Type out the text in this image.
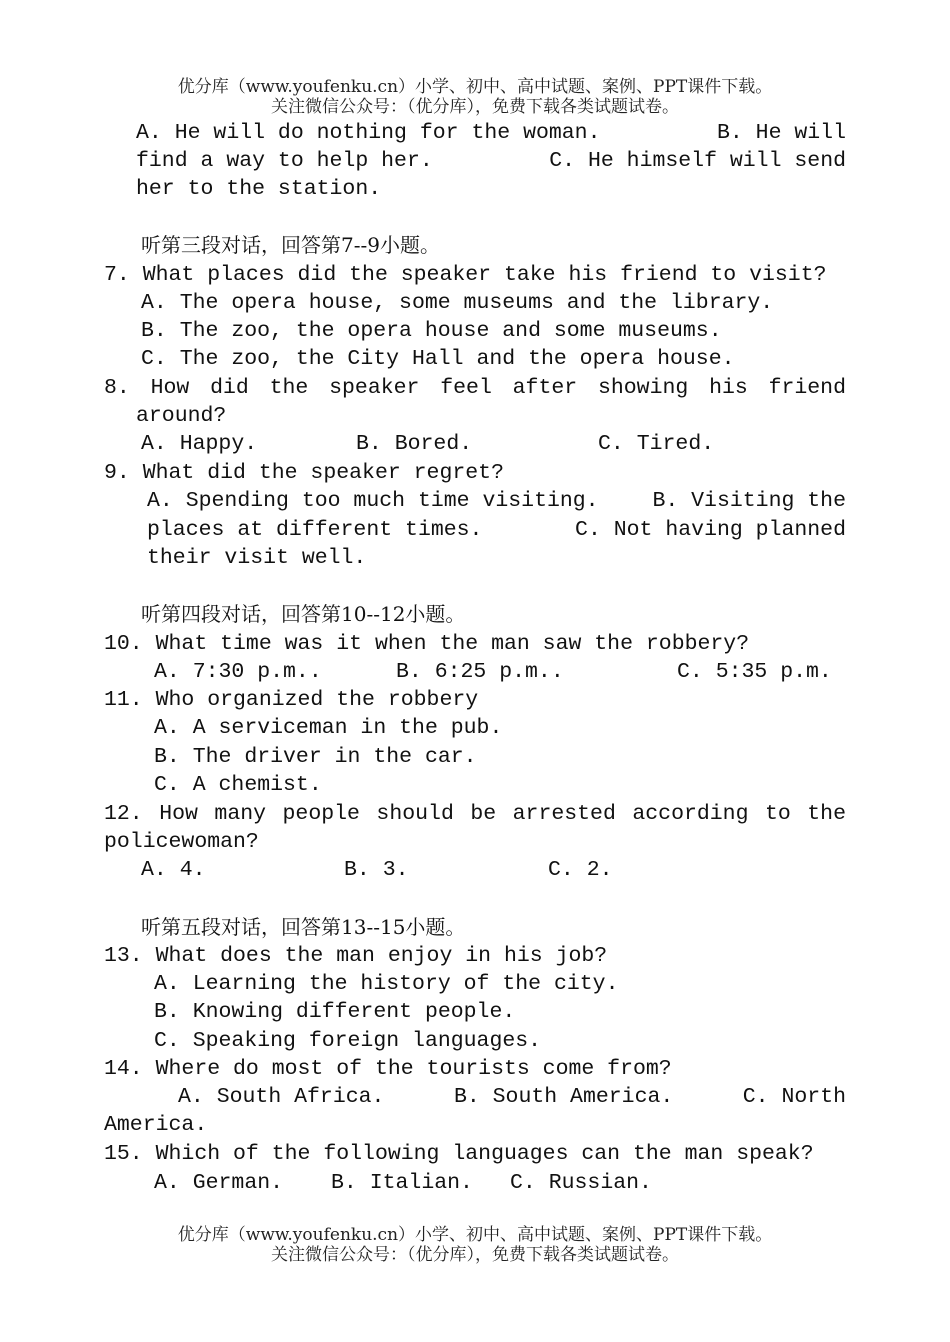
优分库（www.youfenku.cn）小学、初中、高中试题、案例、PPT课件下载。
关注微信公众号：（优分库），免费下载各类试题试卷。
A. He will do nothing for the woman.	B. He will
find a way to help her.	C. He himself will send
her to the station.
听第三段对话，回答第7--9小题。
7. What places did the speaker take his friend to visit?
A. The opera house, some museums and the library.
B. The zoo, the opera house and some museums.
C. The zoo, the City Hall and the opera house.
8. How did the speaker feel after showing his friend
around?
A. Happy.	B. Bored.	C. Tired.
9. What did the speaker regret?
A. Spending too much time visiting.	B. Visiting the
places at different times.	C. Not having planned
their visit well.
听第四段对话，回答第10--12小题。
10. What time was it when the man saw the robbery?
A. 7:30 p.m..	B. 6:25 p.m..	C. 5:35 p.m.
11. Who organized the robbery
A. A serviceman in the pub.
B. The driver in the car.
C. A chemist.
12. How many people should be arrested according to the
policewoman?
A. 4.	B. 3.	C. 2.
听第五段对话，回答第13--15小题。
13. What does the man enjoy in his job?
A. Learning the history of the city.
B. Knowing different people.
C. Speaking foreign languages.
14. Where do most of the tourists come from?
A. South Africa.	B. South America.	C. North
America.
15. Which of the following languages can the man speak?
A. German. B. Italian. C. Russian.
优分库（www.youfenku.cn）小学、初中、高中试题、案例、PPT课件下载。
关注微信公众号：（优分库），免费下载各类试题试卷。
